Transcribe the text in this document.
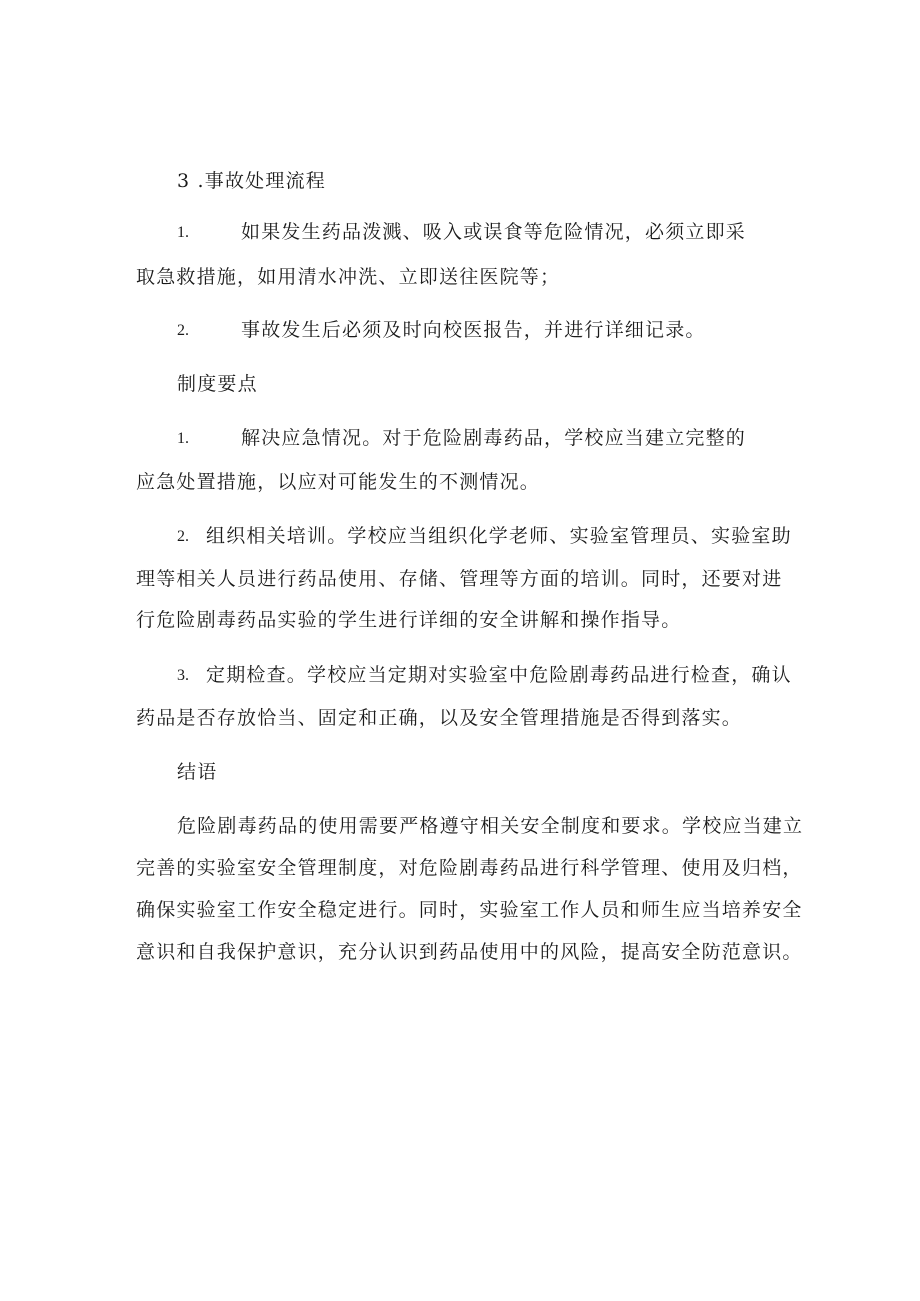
3 .事故处理流程
1.	如果发生药品泼溅、吸入或误食等危险情况，必须立即采
取急救措施，如用清水冲洗、立即送往医院等；
2.	事故发生后必须及时向校医报告，并进行详细记录。
制度要点
1.	解决应急情况。对于危险剧毒药品，学校应当建立完整的
应急处置措施，以应对可能发生的不测情况。
2. 组织相关培训。学校应当组织化学老师、实验室管理员、实验室助
理等相关人员进行药品使用、存储、管理等方面的培训。同时，还要对进
行危险剧毒药品实验的学生进行详细的安全讲解和操作指导。
3. 定期检查。学校应当定期对实验室中危险剧毒药品进行检查，确认
药品是否存放恰当、固定和正确，以及安全管理措施是否得到落实。
结语
危险剧毒药品的使用需要严格遵守相关安全制度和要求。学校应当建立
完善的实验室安全管理制度，对危险剧毒药品进行科学管理、使用及归档，
确保实验室工作安全稳定进行。同时，实验室工作人员和师生应当培养安全
意识和自我保护意识，充分认识到药品使用中的风险，提高安全防范意识。
